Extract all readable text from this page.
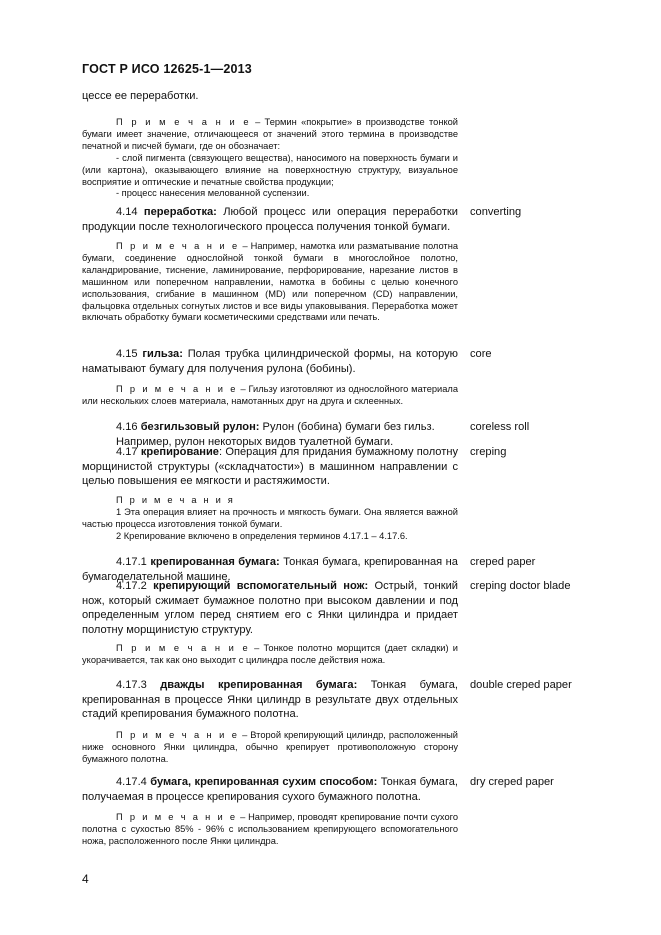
ГОСТ Р ИСО 12625-1—2013

цессе ее переработки.

П р и м е ч а н и е – Термин «покрытие» в производстве тонкой бумаги имеет значение, отличающееся от значений этого термина в производстве печатной и писчей бумаги, где он обозначает:

- слой пигмента (связующего вещества), наносимого на поверхность бумаги и (или картона), оказывающего влияние на поверхностную структуру, визуальное восприятие и оптические и печатные свойства продукции;

- процесс нанесения мелованной суспензии.

4.14 переработка: Любой процесс или операция переработки продукции после технологического процесса получения тонкой бумаги.

converting

П р и м е ч а н и е – Например, намотка или разматывание полотна бумаги, соединение однослойной тонкой бумаги в многослойное полотно, каландрирование, тиснение, ламинирование, перфорирование, нарезание листов в машинном или поперечном направлении, намотка в бобины с целью конечного использования, сгибание в машинном (MD) или поперечном (CD) направлении, фальцовка отдельных согнутых листов и все виды упаковывания. Переработка может включать обработку бумаги косметическими средствами или печать.

4.15 гильза: Полая трубка цилиндрической формы, на которую наматывают бумагу для получения рулона (бобины).

core

П р и м е ч а н и е – Гильзу изготовляют из однослойного материала или нескольких слоев материала, намотанных друг на друга и склеенных.

4.16 безгильзовый рулон: Рулон (бобина) бумаги без гильз.

Например, рулон некоторых видов туалетной бумаги.

coreless roll

4.17 крепирование: Операция для придания бумажному полотну морщинистой структуры («складчатости») в машинном направлении с целью повышения ее мягкости и растяжимости.

creping

П р и м е ч а н и я

1 Эта операция влияет на прочность и мягкость бумаги. Она является важной частью процесса изготовления тонкой бумаги.

2 Крепирование включено в определения терминов 4.17.1 – 4.17.6.

4.17.1 крепированная бумага: Тонкая бумага, крепированная на бумагоделательной машине.

creped paper

4.17.2 крепирующий вспомогательный нож: Острый, тонкий нож, который сжимает бумажное полотно при высоком давлении и под определенным углом перед снятием его с Янки цилиндра и придает полотну морщинистую структуру.

creping doctor blade

П р и м е ч а н и е – Тонкое полотно морщится (дает складки) и укорачивается, так как оно выходит с цилиндра после действия ножа.

4.17.3 дважды крепированная бумага: Тонкая бумага, крепированная в процессе Янки цилиндр в результате двух отдельных стадий крепирования бумажного полотна.

double creped paper

П р и м е ч а н и е – Второй крепирующий цилиндр, расположенный ниже основного Янки цилиндра, обычно крепирует противоположную сторону бумажного полотна.

4.17.4 бумага, крепированная сухим способом: Тонкая бумага, получаемая в процессе крепирования сухого бумажного полотна.

dry creped paper

П р и м е ч а н и е – Например, проводят крепирование почти сухого полотна с сухостью 85% - 96% с использованием крепирующего вспомогательного ножа, расположенного после Янки цилиндра.

4
